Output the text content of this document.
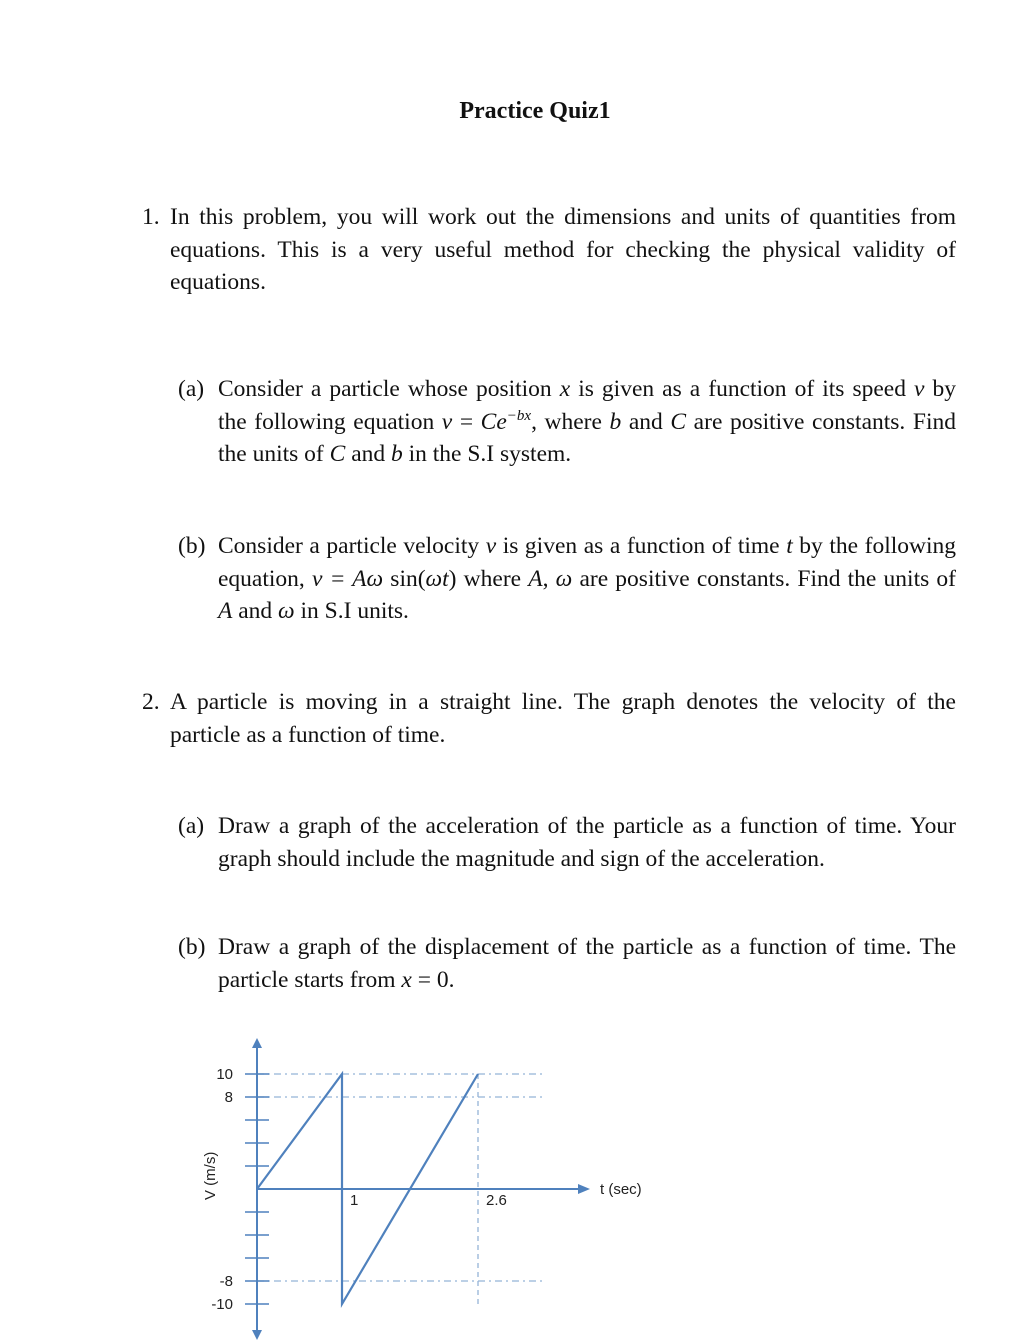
Practice Quiz1
1. In this problem, you will work out the dimensions and units of quantities from equations. This is a very useful method for checking the physical validity of equations.
(a) Consider a particle whose position x is given as a function of its speed v by the following equation $v = Ce^{-bx}$, where b and C are positive constants. Find the units of C and b in the S.I system.
(b) Consider a particle velocity v is given as a function of time t by the following equation, v = Aω sin(ωt) where A, ω are positive constants. Find the units of A and ω in S.I units.
2. A particle is moving in a straight line. The graph denotes the velocity of the particle as a function of time.
(a) Draw a graph of the acceleration of the particle as a function of time. Your graph should include the magnitude and sign of the acceleration.
(b) Draw a graph of the displacement of the particle as a function of time. The particle starts from x = 0.
10
8
-8
-10
1	2.6
t (sec)
V (m/s)
